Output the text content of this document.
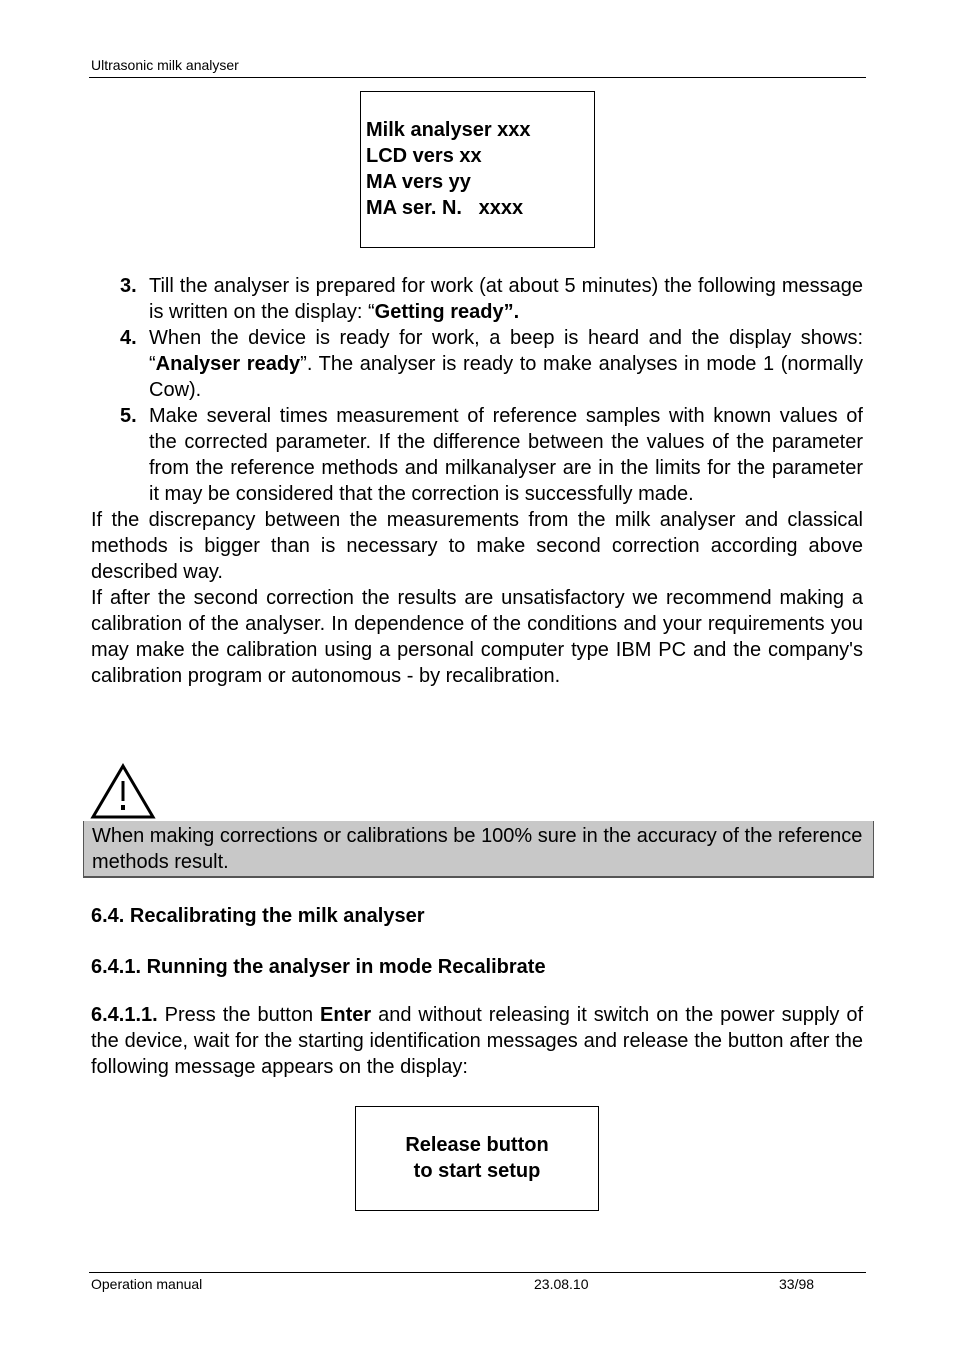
Ultrasonic milk analyser
Milk analyser xxx
LCD vers xx
MA vers yy
MA ser. N.   xxxx
3. Till the analyser is prepared for work (at about 5 minutes) the following message is written on the display: “Getting ready”.
4. When the device is ready for work, a beep is heard and the display shows: “Analyser ready”. The analyser is ready to make analyses in mode 1 (normally Cow).
5. Make several times measurement of reference samples with known values of the corrected parameter. If the difference between the values of the parameter from the reference methods and milkanalyser are in the limits for the parameter it may be considered that the correction is successfully made.

If the discrepancy between the measurements from the milk analyser and classical methods is bigger than is necessary to make second correction according above described way.

If after the second correction the results are unsatisfactory we recommend making a calibration of the analyser. In dependence of the conditions and your requirements you may make the calibration using a personal computer type IBM PC and the company's calibration program or autonomous - by recalibration.

When making corrections or calibrations be 100% sure in the accuracy of the reference methods result.
6.4. Recalibrating the milk analyser
6.4.1. Running the analyser in mode Recalibrate
6.4.1.1. Press the button Enter and without releasing it switch on the power supply of the device, wait for the starting identification messages and release the button after the following message appears on the display:
Release button
to start setup
Operation manual	23.08.10	33/98
